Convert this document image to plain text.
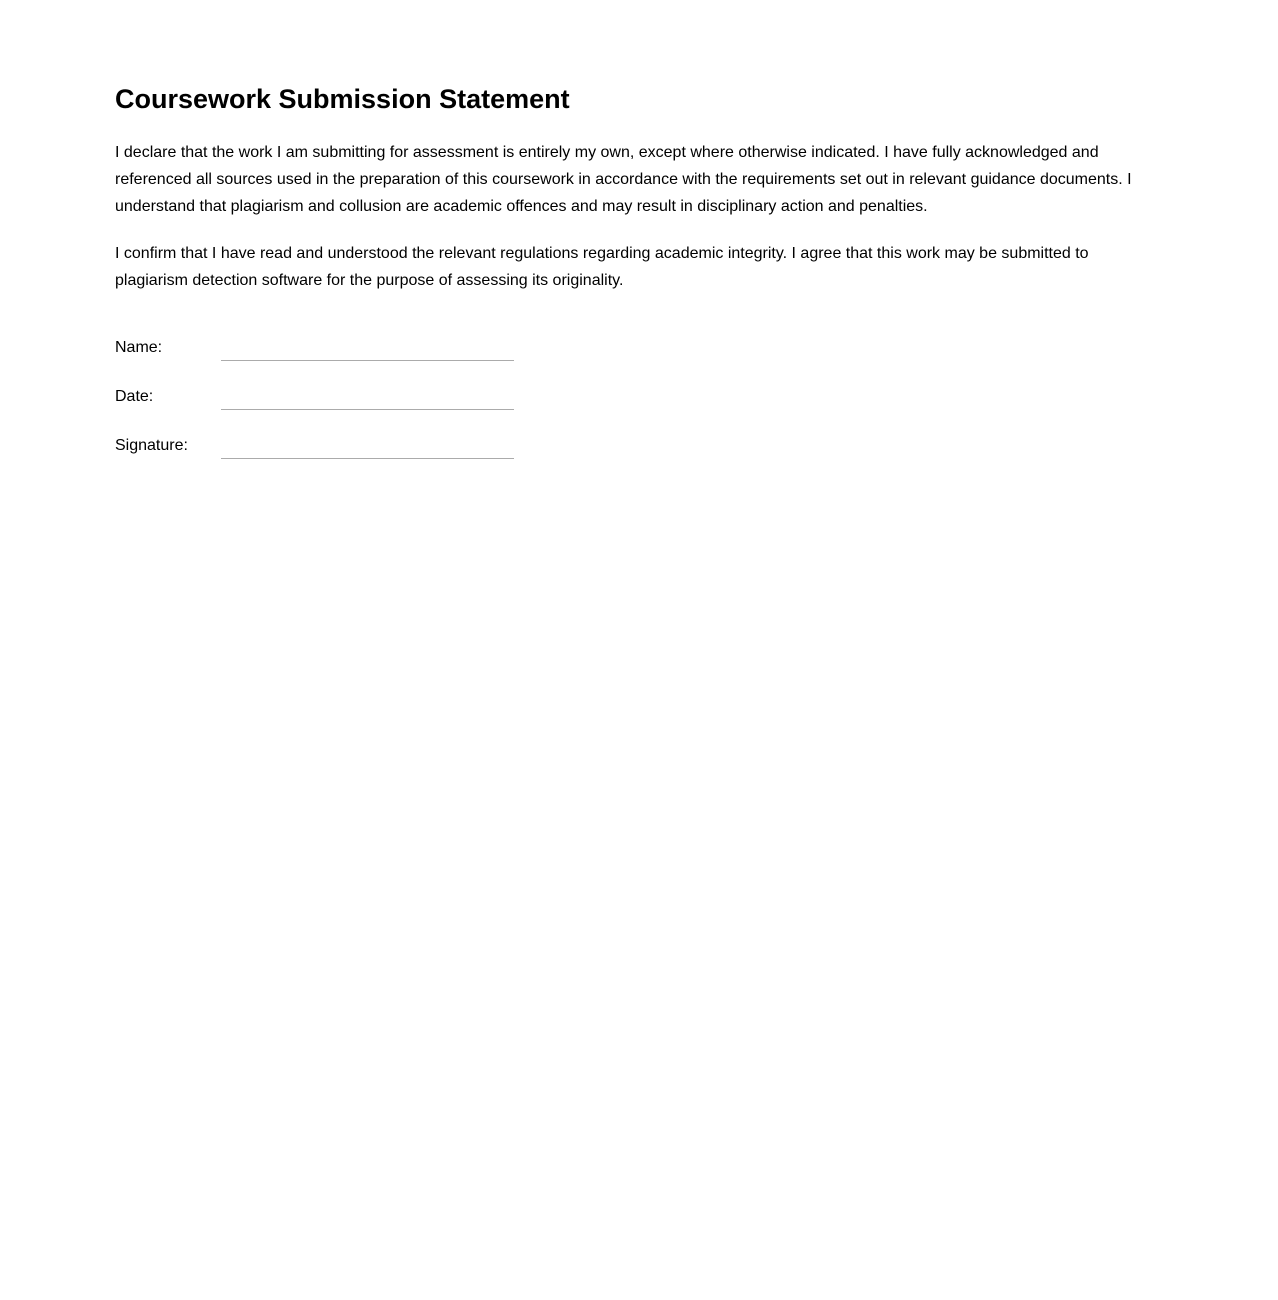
Coursework Submission Statement

I declare that the work I am submitting for assessment is entirely my own, except where otherwise indicated. I have fully acknowledged and referenced all sources used in the preparation of this coursework in accordance with the requirements set out in relevant guidance documents. I understand that plagiarism and collusion are academic offences and may result in disciplinary action and penalties.

I confirm that I have read and understood the relevant regulations regarding academic integrity. I agree that this work may be submitted to plagiarism detection software for the purpose of assessing its originality.

Name:
Date:
Signature:
